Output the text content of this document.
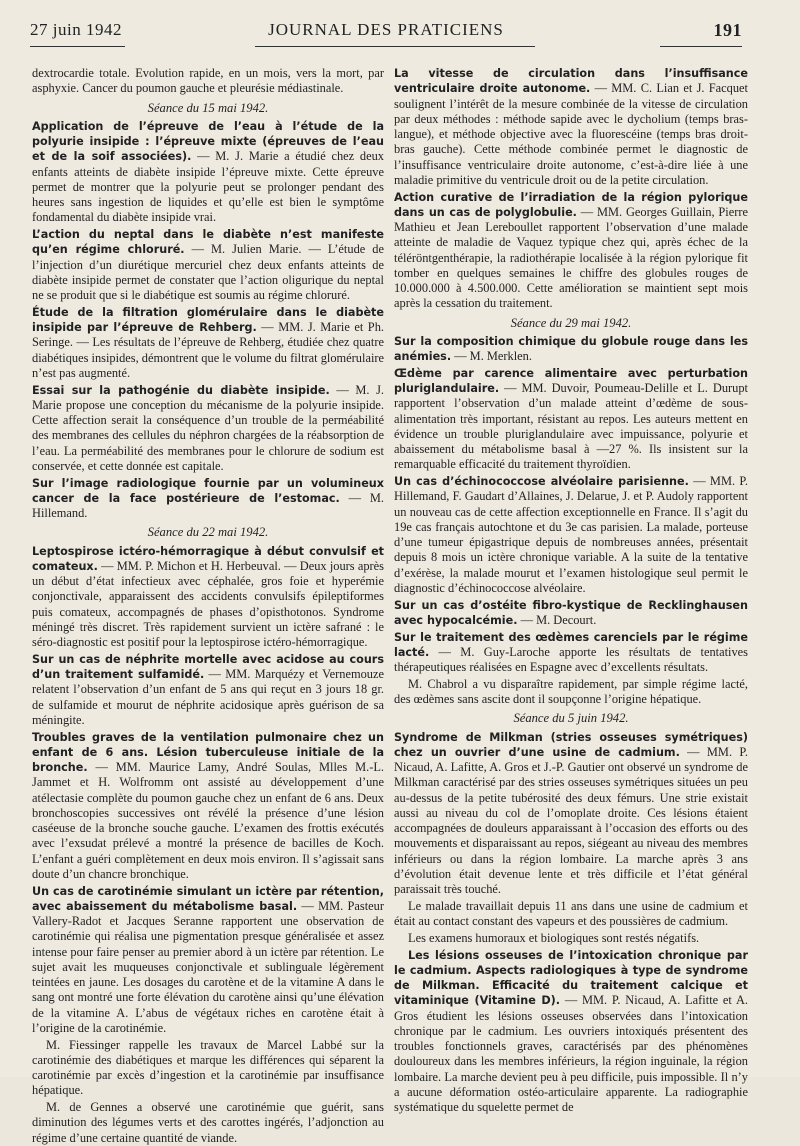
27 juin 1942	JOURNAL DES PRATICIENS	191

dextrocardie totale. Evolution rapide, en un mois, vers la mort, par asphyxie. Cancer du poumon gauche et pleurésie médiastinale.

Séance du 15 mai 1942.

Application de l’épreuve de l’eau à l’étude de la polyurie insipide : l’épreuve mixte (épreuves de l’eau et de la soif associées). — M. J. Marie a étudié chez deux enfants atteints de diabète insipide l’épreuve mixte. Cette épreuve permet de montrer que la polyurie peut se prolonger pendant des heures sans ingestion de liquides et qu’elle est bien le symptôme fondamental du diabète insipide vrai.

L’action du neptal dans le diabète n’est manifeste qu’en régime chloruré. — M. Julien Marie. — L’étude de l’injection d’un diurétique mercuriel chez deux enfants atteints de diabète insipide permet de constater que l’action oligurique du neptal ne se produit que si le diabétique est soumis au régime chloruré.

Étude de la filtration glomérulaire dans le diabète insipide par l’épreuve de Rehberg. — MM. J. Marie et Ph. Seringe. — Les résultats de l’épreuve de Rehberg, étudiée chez quatre diabétiques insipides, démontrent que le volume du filtrat glomérulaire n’est pas augmenté.

Essai sur la pathogénie du diabète insipide. — M. J. Marie propose une conception du mécanisme de la polyurie insipide. Cette affection serait la conséquence d’un trouble de la perméabilité des membranes des cellules du néphron chargées de la réabsorption de l’eau. La perméabilité des membranes pour le chlorure de sodium est conservée, et cette donnée est capitale.

Sur l’image radiologique fournie par un volumineux cancer de la face postérieure de l’estomac. — M. Hillemand.

Séance du 22 mai 1942.

Leptospirose ictéro-hémorragique à début convulsif et comateux. — MM. P. Michon et H. Herbeuval. — Deux jours après un début d’état infectieux avec céphalée, gros foie et hyperémie conjonctivale, apparaissent des accidents convulsifs épileptiformes puis comateux, accompagnés de phases d’opisthotonos. Syndrome méningé très discret. Très rapidement survient un ictère safrané : le séro-diagnostic est positif pour la leptospirose ictéro-hémorragique.

Sur un cas de néphrite mortelle avec acidose au cours d’un traitement sulfamidé. — MM. Marquézy et Vernemouze relatent l’observation d’un enfant de 5 ans qui reçut en 3 jours 18 gr. de sulfamide et mourut de néphrite acidosique après guérison de sa méningite.

Troubles graves de la ventilation pulmonaire chez un enfant de 6 ans. Lésion tuberculeuse initiale de la bronche. — MM. Maurice Lamy, André Soulas, Mlles M.-L. Jammet et H. Wolfromm ont assisté au développement d’une atélectasie complète du poumon gauche chez un enfant de 6 ans. Deux bronchoscopies successives ont révélé la présence d’une lésion caséeuse de la bronche souche gauche. L’examen des frottis exécutés avec l’exsudat prélevé a montré la présence de bacilles de Koch. L’enfant a guéri complètement en deux mois environ. Il s’agissait sans doute d’un chancre bronchique.

Un cas de carotinémie simulant un ictère par rétention, avec abaissement du métabolisme basal. — MM. Pasteur Vallery-Radot et Jacques Seranne rapportent une observation de carotinémie qui réalisa une pigmentation presque généralisée et assez intense pour faire penser au premier abord à un ictère par rétention. Le sujet avait les muqueuses conjonctivale et sublinguale légèrement teintées en jaune. Les dosages du carotène et de la vitamine A dans le sang ont montré une forte élévation du carotène ainsi qu’une élévation de la vitamine A. L’abus de végétaux riches en carotène était à l’origine de la carotinémie.

M. Fiessinger rappelle les travaux de Marcel Labbé sur la carotinémie des diabétiques et marque les différences qui séparent la carotinémie par excès d’ingestion et la carotinémie par insuffisance hépatique.

M. de Gennes a observé une carotinémie que guérit, sans diminution des légumes verts et des carottes ingérés, l’adjonction au régime d’une certaine quantité de viande.

La vitesse de circulation dans l’insuffisance ventriculaire droite autonome. — MM. C. Lian et J. Facquet soulignent l’intérêt de la mesure combinée de la vitesse de circulation par deux méthodes : méthode sapide avec le dycholium (temps bras-langue), et méthode objective avec la fluorescéine (temps bras droit-bras gauche). Cette méthode combinée permet le diagnostic de l’insuffisance ventriculaire droite autonome, c’est-à-dire liée à une maladie primitive du ventricule droit ou de la petite circulation.

Action curative de l’irradiation de la région pylorique dans un cas de polyglobulie. — MM. Georges Guillain, Pierre Mathieu et Jean Lereboullet rapportent l’observation d’une malade atteinte de maladie de Vaquez typique chez qui, après échec de la téléröntgenthérapie, la radiothérapie localisée à la région pylorique fit tomber en quelques semaines le chiffre des globules rouges de 10.000.000 à 4.500.000. Cette amélioration se maintient sept mois après la cessation du traitement.

Séance du 29 mai 1942.

Sur la composition chimique du globule rouge dans les anémies. — M. Merklen.

Œdème par carence alimentaire avec perturbation pluriglandulaire. — MM. Duvoir, Poumeau-Delille et L. Durupt rapportent l’observation d’un malade atteint d’œdème de sous-alimentation très important, résistant au repos. Les auteurs mettent en évidence un trouble pluriglandulaire avec impuissance, polyurie et abaissement du métabolisme basal à —27 %. Ils insistent sur la remarquable efficacité du traitement thyroïdien.

Un cas d’échinococcose alvéolaire parisienne. — MM. P. Hillemand, F. Gaudart d’Allaines, J. Delarue, J. et P. Audoly rapportent un nouveau cas de cette affection exceptionnelle en France. Il s’agit du 19e cas français autochtone et du 3e cas parisien. La malade, porteuse d’une tumeur épigastrique depuis de nombreuses années, présentait depuis 8 mois un ictère chronique variable. A la suite de la tentative d’exérèse, la malade mourut et l’examen histologique seul permit le diagnostic d’échinococcose alvéolaire.

Sur un cas d’ostéite fibro-kystique de Recklinghausen avec hypocalcémie. — M. Decourt.

Sur le traitement des œdèmes carenciels par le régime lacté. — M. Guy-Laroche apporte les résultats de tentatives thérapeutiques réalisées en Espagne avec d’excellents résultats.

M. Chabrol a vu disparaître rapidement, par simple régime lacté, des œdèmes sans ascite dont il soupçonne l’origine hépatique.

Séance du 5 juin 1942.

Syndrome de Milkman (stries osseuses symétriques) chez un ouvrier d’une usine de cadmium. — MM. P. Nicaud, A. Lafitte, A. Gros et J.-P. Gautier ont observé un syndrome de Milkman caractérisé par des stries osseuses symétriques situées un peu au-dessus de la petite tubérosité des deux fémurs. Une strie existait aussi au niveau du col de l’omoplate droite. Ces lésions étaient accompagnées de douleurs apparaissant à l’occasion des efforts ou des mouvements et disparaissant au repos, siégeant au niveau des membres inférieurs ou dans la région lombaire. La marche après 3 ans d’évolution était devenue lente et très difficile et l’état général paraissait très touché.

Le malade travaillait depuis 11 ans dans une usine de cadmium et était au contact constant des vapeurs et des poussières de cadmium.

Les examens humoraux et biologiques sont restés négatifs.

Les lésions osseuses de l’intoxication chronique par le cadmium. Aspects radiologiques à type de syndrome de Milkman. Efficacité du traitement calcique et vitaminique (Vitamine D). — MM. P. Nicaud, A. Lafitte et A. Gros étudient les lésions osseuses observées dans l’intoxication chronique par le cadmium. Les ouvriers intoxiqués présentent des troubles fonctionnels graves, caractérisés par des phénomènes douloureux dans les membres inférieurs, la région inguinale, la région lombaire. La marche devient peu à peu difficile, puis impossible. Il n’y a aucune déformation ostéo-articulaire apparente. La radiographie systématique du squelette permet de
